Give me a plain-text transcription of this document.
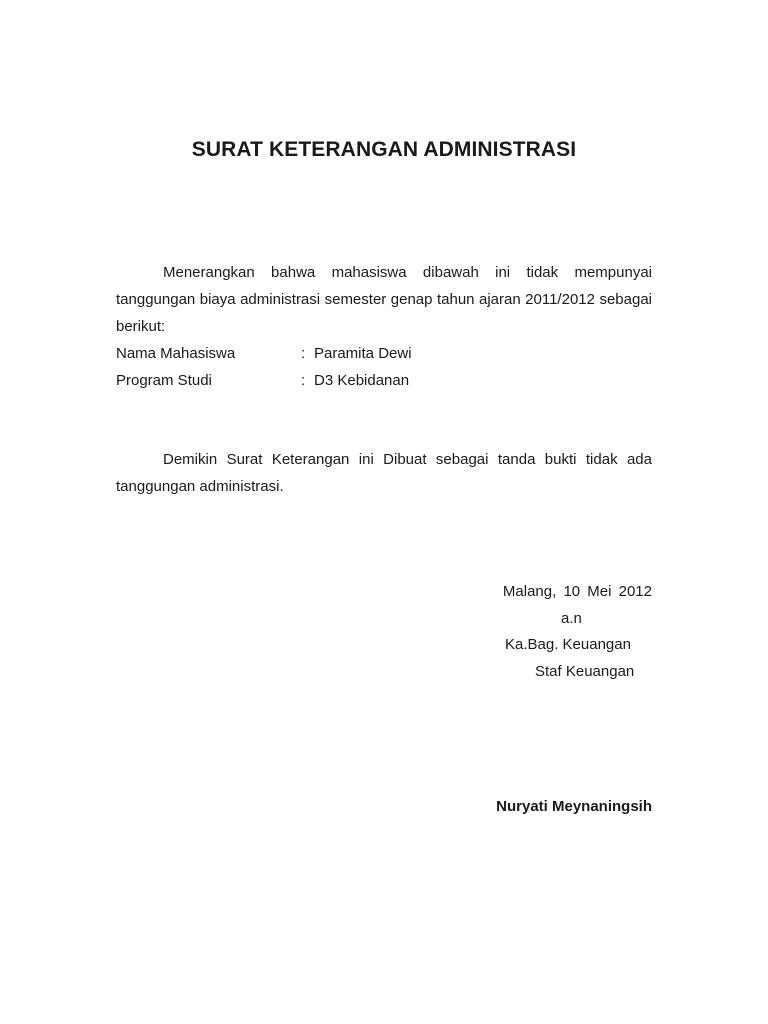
SURAT KETERANGAN ADMINISTRASI
Menerangkan bahwa mahasiswa dibawah ini tidak mempunyai tanggungan biaya administrasi semester genap tahun ajaran 2011/2012 sebagai berikut:
Nama Mahasiswa	: Paramita Dewi
Program Studi	: D3 Kebidanan
Demikin Surat Keterangan ini Dibuat sebagai tanda bukti tidak ada tanggungan administrasi.
Malang, 10 Mei 2012
a.n
Ka.Bag. Keuangan
Staf Keuangan
Nuryati Meynaningsih
